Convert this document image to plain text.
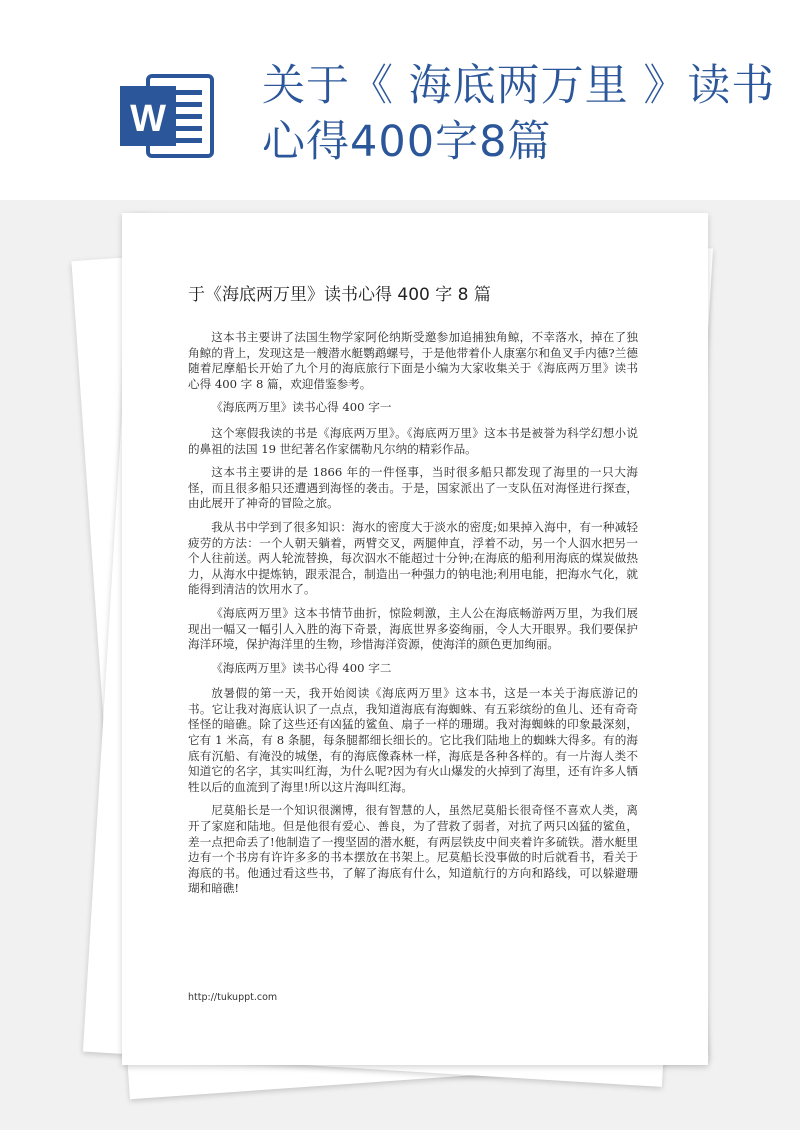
W
关于《 海底两万里 》读书心得400字8篇
于《海底两万里》读书心得 400 字 8 篇

这本书主要讲了法国生物学家阿伦纳斯受邀参加追捕独角鲸，不幸落水，掉在了独角鲸的背上，发现这是一艘潜水艇鹦鹉螺号，于是他带着仆人康塞尔和鱼叉手内德?兰德随着尼摩船长开始了九个月的海底旅行下面是小编为大家收集关于《海底两万里》读书心得 400 字 8 篇，欢迎借鉴参考。

《海底两万里》读书心得 400 字一

这个寒假我读的书是《海底两万里》。《海底两万里》这本书是被誉为科学幻想小说的鼻祖的法国 19 世纪著名作家儒勒凡尔纳的精彩作品。

这本书主要讲的是 1866 年的一件怪事，当时很多船只都发现了海里的一只大海怪，而且很多船只还遭遇到海怪的袭击。于是，国家派出了一支队伍对海怪进行探查，由此展开了神奇的冒险之旅。

我从书中学到了很多知识：海水的密度大于淡水的密度;如果掉入海中，有一种减轻疲劳的方法：一个人朝天躺着，两臂交叉，两腿伸直，浮着不动，另一个人泅水把另一个人往前送。两人轮流替换，每次泅水不能超过十分钟;在海底的船利用海底的煤炭做热力，从海水中提炼钠，跟汞混合，制造出一种强力的钠电池;利用电能，把海水气化，就能得到清洁的饮用水了。

《海底两万里》这本书情节曲折，惊险刺激，主人公在海底畅游两万里，为我们展现出一幅又一幅引人入胜的海下奇景，海底世界多姿绚丽，令人大开眼界。我们要保护海洋环境，保护海洋里的生物，珍惜海洋资源，使海洋的颜色更加绚丽。

《海底两万里》读书心得 400 字二

放暑假的第一天，我开始阅读《海底两万里》这本书，这是一本关于海底游记的书。它让我对海底认识了一点点，我知道海底有海蜘蛛、有五彩缤纷的鱼儿、还有奇奇怪怪的暗礁。除了这些还有凶猛的鲨鱼、扇子一样的珊瑚。我对海蜘蛛的印象最深刻，它有 1 米高，有 8 条腿，每条腿都细长细长的。它比我们陆地上的蜘蛛大得多。有的海底有沉船、有淹没的城堡，有的海底像森林一样，海底是各种各样的。有一片海人类不知道它的名字，其实叫红海，为什么呢?因为有火山爆发的火掉到了海里，还有许多人牺牲以后的血流到了海里!所以这片海叫红海。

尼莫船长是一个知识很渊博，很有智慧的人，虽然尼莫船长很奇怪不喜欢人类，离开了家庭和陆地。但是他很有爱心、善良，为了营救了弱者，对抗了两只凶猛的鲨鱼，差一点把命丢了!他制造了一搜坚固的潜水艇，有两层铁皮中间夹着许多硫铁。潜水艇里边有一个书房有许许多多的书本摆放在书架上。尼莫船长没事做的时后就看书，看关于海底的书。他通过看这些书，了解了海底有什么，知道航行的方向和路线，可以躲避珊瑚和暗礁!

http://tukuppt.com
